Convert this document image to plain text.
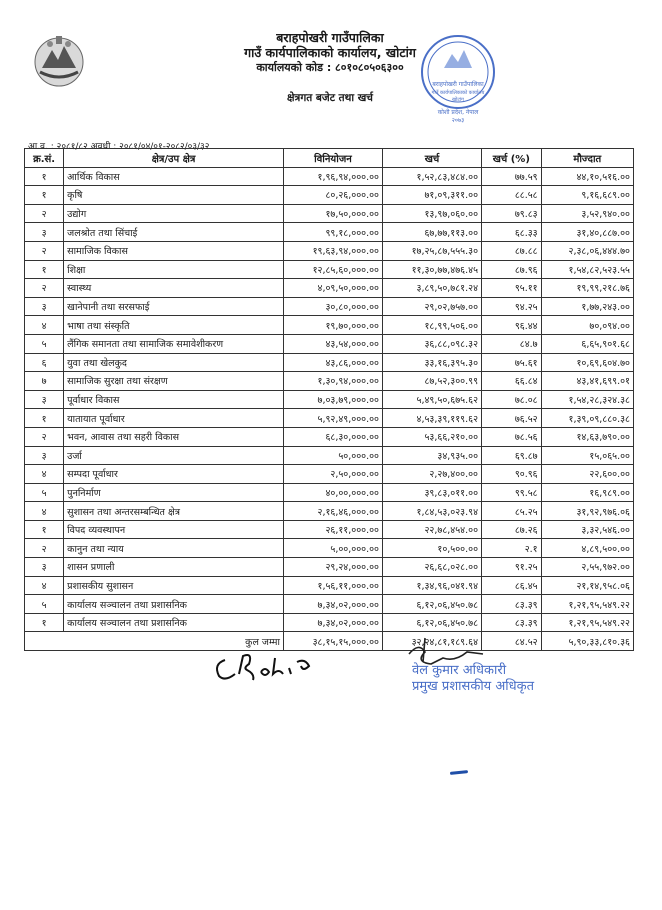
बराहपोखरी गाउँपालिका
गाउँ कार्यपालिकाको कार्यालय, खोटांग
कार्यालयको कोड : ८०१०८०५०६३००
क्षेत्रगत बजेट तथा खर्च
बराहपोखरी गाउँपालिका
गाउँ कार्यपालिकाको कार्यालय
खोटांग
कोशी प्रदेश, नेपाल
२०७३
आ.व. : २०८१/८२ अवधी : २०८१/०४/०१-२०८२/०३/३२
क्र.सं.	क्षेत्र/उप क्षेत्र	विनियोजन	खर्च	खर्च (%)	मौज्दात
१	आर्थिक विकास	१,९६,९४,०००.००	१,५२,८३,४८४.००	७७.५९	४४,१०,५१६.००
१	कृषि	८०,२६,०००.००	७१,०९,३११.००	८८.५८	९,१६,६८९.००
२	उद्योग	१७,५०,०००.००	१३,९७,०६०.००	७९.८३	३,५२,९४०.००
३	जलश्रोत तथा सिंचाई	९९,१८,०००.००	६७,७७,११३.००	६८.३३	३१,४०,८८७.००
२	सामाजिक विकास	१९,६३,९४,०००.००	१७,२५,८७,५५५.३०	८७.८८	२,३८,०६,४४४.७०
१	शिक्षा	१२,८५,६०,०००.००	११,३०,७७,४७६.४५	८७.९६	१,५४,८२,५२३.५५
२	स्वास्थ्य	४,०९,५०,०००.००	३,८९,५०,७८१.२४	९५.११	१९,९९,२१८.७६
३	खानेपानी तथा सरसफाई	३०,८०,०००.००	२९,०२,७५७.००	९४.२५	१,७७,२४३.००
४	भाषा तथा संस्कृति	१९,७०,०००.००	१८,९९,५०६.००	९६.४४	७०,०९४.००
५	लैंगिक समानता तथा सामाजिक समावेशीकरण	४३,५४,०००.००	३६,८८,०९८.३२	८४.७	६,६५,९०१.६८
६	युवा तथा खेलकुद	४३,८६,०००.००	३३,१६,३९५.३०	७५.६१	१०,६९,६०४.७०
७	सामाजिक सुरक्षा तथा संरक्षण	१,३०,९४,०००.००	८७,५२,३००.९९	६६.८४	४३,४१,६९९.०१
३	पूर्वाधार विकास	७,०३,७९,०००.००	५,४९,५०,६७५.६२	७८.०८	१,५४,२८,३२४.३८
१	यातायात पूर्वाधार	५,९२,४९,०००.००	४,५३,३९,११९.६२	७६.५२	१,३९,०९,८८०.३८
२	भवन, आवास तथा सहरी विकास	६८,३०,०००.००	५३,६६,२१०.००	७८.५६	१४,६३,७९०.००
३	उर्जा	५०,०००.००	३४,९३५.००	६९.८७	१५,०६५.००
४	सम्पदा पूर्वाधार	२,५०,०००.००	२,२७,४००.००	९०.९६	२२,६००.००
५	पुननिर्माण	४०,००,०००.००	३९,८३,०११.००	९९.५८	१६,९८९.००
४	सुशासन तथा अन्तरसम्बन्धित क्षेत्र	२,१६,४६,०००.००	१,८४,५३,०२३.९४	८५.२५	३१,९२,९७६.०६
१	विपद व्यवस्थापन	२६,११,०००.००	२२,७८,४५४.००	८७.२६	३,३२,५४६.००
२	कानुन तथा न्याय	५,००,०००.००	१०,५००.००	२.१	४,८९,५००.००
३	शासन प्रणाली	२९,२४,०००.००	२६,६८,०२८.००	९१.२५	२,५५,९७२.००
४	प्रशासकीय सुशासन	१,५६,११,०००.००	१,३४,९६,०४१.९४	८६.४५	२१,१४,९५८.०६
५	कार्यालय सञ्चालन तथा प्रशासनिक	७,३४,०२,०००.००	६,१२,०६,४५०.७८	८३.३९	१,२१,९५,५४९.२२
१	कार्यालय सञ्चालन तथा प्रशासनिक	७,३४,०२,०००.००	६,१२,०६,४५०.७८	८३.३९	१,२१,९५,५४९.२२
कुल जम्मा		३८,१५,१५,०००.००	३२,२४,८१,१८९.६४	८४.५२	५,९०,३३,८१०.३६
वेल कुमार अधिकारी
प्रमुख प्रशासकीय अधिकृत
